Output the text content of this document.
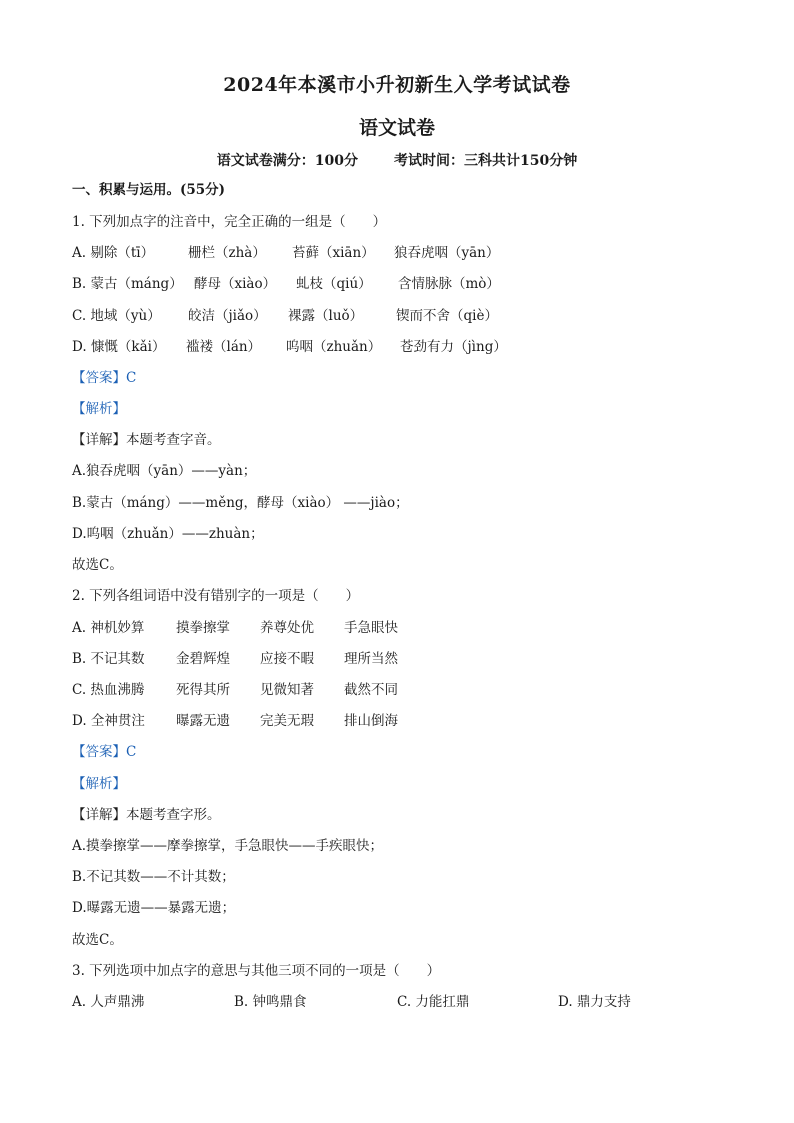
2024年本溪市小升初新生入学考试试卷
语文试卷
语文试卷满分：100分	考试时间：三科共计150分钟
一、积累与运用。(55分)
1. 下列加点字的注音中，完全正确的一组是（　　）
A. 剔除（tī）	栅栏（zhà） 苔藓（xiān） 狼吞虎咽（yān）
B. 蒙古（máng） 酵母（xiào） 虬枝（qiú） 含情脉脉（mò）
C. 地域（yù） 皎洁（jiǎo） 裸露（luǒ） 锲而不舍（qiè）
D. 慷慨（kǎi） 褴褛（lán） 呜咽（zhuǎn） 苍劲有力（jìng）
【答案】C
【解析】
【详解】本题考查字音。
A.狼吞虎咽（yān）——yàn；
B.蒙古（máng）——měng，酵母（xiào） ——jiào；
D.呜咽（zhuǎn）——zhuàn；
故选C。
2. 下列各组词语中没有错别字的一项是（　　）
A. 神机妙算 摸拳擦掌 养尊处优 手急眼快
B. 不记其数 金碧辉煌 应接不暇 理所当然
C. 热血沸腾 死得其所 见微知著 截然不同
D. 全神贯注 曝露无遗 完美无瑕 排山倒海
【答案】C
【解析】
【详解】本题考查字形。
A.摸拳擦掌——摩拳擦掌，手急眼快——手疾眼快；
B.不记其数——不计其数；
D.曝露无遗——暴露无遗；
故选C。
3. 下列选项中加点字的意思与其他三项不同的一项是（　　）
A. 人声鼎沸	B. 钟鸣鼎食	C. 力能扛鼎	D. 鼎力支持
